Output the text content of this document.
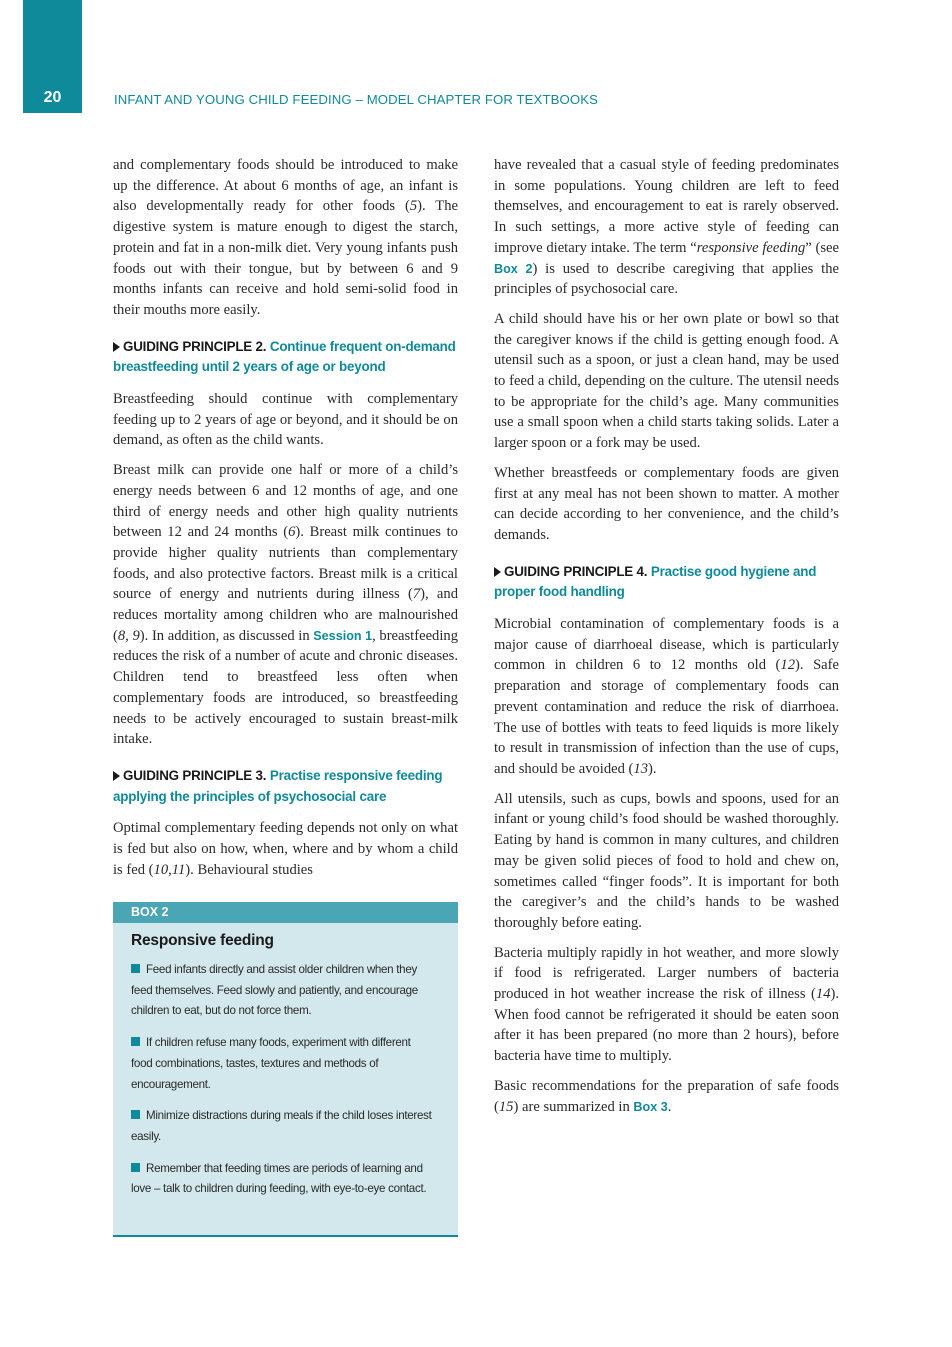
20	INFANT AND YOUNG CHILD FEEDING – MODEL CHAPTER FOR TEXTBOOKS

and complementary foods should be introduced to make up the difference. At about 6 months of age, an infant is also developmentally ready for other foods (5). The digestive system is mature enough to digest the starch, protein and fat in a non-milk diet. Very young infants push foods out with their tongue, but by between 6 and 9 months infants can receive and hold semi-solid food in their mouths more easily.

GUIDING PRINCIPLE 2. Continue frequent on-demand breastfeeding until 2 years of age or beyond

Breastfeeding should continue with complementary feeding up to 2 years of age or beyond, and it should be on demand, as often as the child wants.

Breast milk can provide one half or more of a child’s energy needs between 6 and 12 months of age, and one third of energy needs and other high quality nutrients between 12 and 24 months (6). Breast milk continues to provide higher quality nutrients than complementary foods, and also protective factors. Breast milk is a critical source of energy and nutrients during illness (7), and reduces mortality among children who are malnourished (8, 9). In addition, as discussed in Session 1, breastfeeding reduces the risk of a number of acute and chronic diseases. Children tend to breastfeed less often when complementary foods are introduced, so breastfeeding needs to be actively encouraged to sustain breast-milk intake.

GUIDING PRINCIPLE 3. Practise responsive feeding applying the principles of psychosocial care

Optimal complementary feeding depends not only on what is fed but also on how, when, where and by whom a child is fed (10,11). Behavioural studies

BOX 2
Responsive feeding
Feed infants directly and assist older children when they feed themselves. Feed slowly and patiently, and encourage children to eat, but do not force them.
If children refuse many foods, experiment with different food combinations, tastes, textures and methods of encouragement.
Minimize distractions during meals if the child loses interest easily.
Remember that feeding times are periods of learning and love – talk to children during feeding, with eye-to-eye contact.

have revealed that a casual style of feeding predominates in some populations. Young children are left to feed themselves, and encouragement to eat is rarely observed. In such settings, a more active style of feeding can improve dietary intake. The term “responsive feeding” (see Box 2) is used to describe caregiving that applies the principles of psychosocial care.

A child should have his or her own plate or bowl so that the caregiver knows if the child is getting enough food. A utensil such as a spoon, or just a clean hand, may be used to feed a child, depending on the culture. The utensil needs to be appropriate for the child’s age. Many communities use a small spoon when a child starts taking solids. Later a larger spoon or a fork may be used.

Whether breastfeeds or complementary foods are given first at any meal has not been shown to matter. A mother can decide according to her convenience, and the child’s demands.

GUIDING PRINCIPLE 4. Practise good hygiene and proper food handling

Microbial contamination of complementary foods is a major cause of diarrhoeal disease, which is particularly common in children 6 to 12 months old (12). Safe preparation and storage of complementary foods can prevent contamination and reduce the risk of diarrhoea. The use of bottles with teats to feed liquids is more likely to result in transmission of infection than the use of cups, and should be avoided (13).

All utensils, such as cups, bowls and spoons, used for an infant or young child’s food should be washed thoroughly. Eating by hand is common in many cultures, and children may be given solid pieces of food to hold and chew on, sometimes called “finger foods”. It is important for both the caregiver’s and the child’s hands to be washed thoroughly before eating.

Bacteria multiply rapidly in hot weather, and more slowly if food is refrigerated. Larger numbers of bacteria produced in hot weather increase the risk of illness (14). When food cannot be refrigerated it should be eaten soon after it has been prepared (no more than 2 hours), before bacteria have time to multiply.

Basic recommendations for the preparation of safe foods (15) are summarized in Box 3.
